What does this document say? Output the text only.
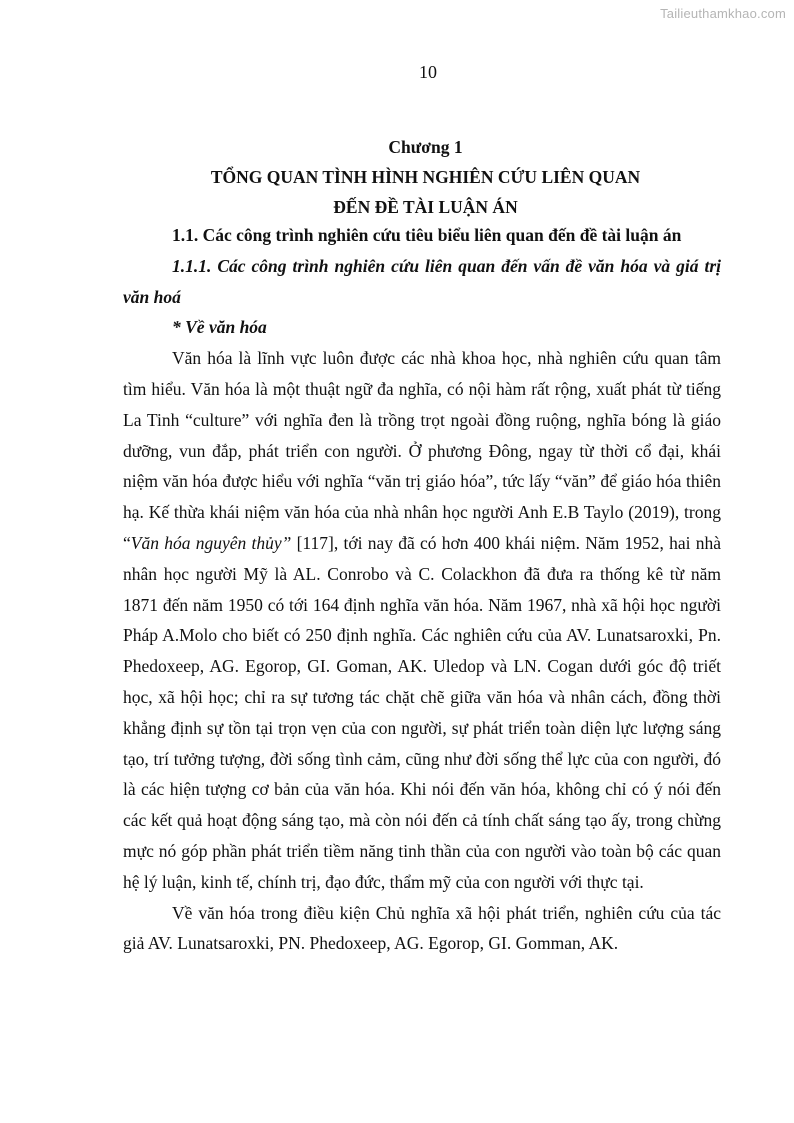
Tailieuthamkhao.com
10
Chương 1
TỔNG QUAN TÌNH HÌNH NGHIÊN CỨU LIÊN QUAN
ĐẾN ĐỀ TÀI LUẬN ÁN

1.1. Các công trình nghiên cứu tiêu biểu liên quan đến đề tài luận án

1.1.1. Các công trình nghiên cứu liên quan đến vấn đề văn hóa và giá trị văn hoá

* Về văn hóa

Văn hóa là lĩnh vực luôn được các nhà khoa học, nhà nghiên cứu quan tâm tìm hiểu. Văn hóa là một thuật ngữ đa nghĩa, có nội hàm rất rộng, xuất phát từ tiếng La Tinh “culture” với nghĩa đen là trồng trọt ngoài đồng ruộng, nghĩa bóng là giáo dưỡng, vun đắp, phát triển con người. Ở phương Đông, ngay từ thời cổ đại, khái niệm văn hóa được hiểu với nghĩa “văn trị giáo hóa”, tức lấy “văn” để giáo hóa thiên hạ. Kế thừa khái niệm văn hóa của nhà nhân học người Anh E.B Taylo (2019), trong “Văn hóa nguyên thủy” [117], tới nay đã có hơn 400 khái niệm. Năm 1952, hai nhà nhân học người Mỹ là AL. Conrobo và C. Colackhon đã đưa ra thống kê từ năm 1871 đến năm 1950 có tới 164 định nghĩa văn hóa. Năm 1967, nhà xã hội học người Pháp A.Molo cho biết có 250 định nghĩa. Các nghiên cứu của AV. Lunatsaroxki, Pn. Phedoxeep, AG. Egorop, GI. Goman, AK. Uledop và LN. Cogan dưới góc độ triết học, xã hội học; chỉ ra sự tương tác chặt chẽ giữa văn hóa và nhân cách, đồng thời khẳng định sự tồn tại trọn vẹn của con người, sự phát triển toàn diện lực lượng sáng tạo, trí tưởng tượng, đời sống tình cảm, cũng như đời sống thể lực của con người, đó là các hiện tượng cơ bản của văn hóa. Khi nói đến văn hóa, không chỉ có ý nói đến các kết quả hoạt động sáng tạo, mà còn nói đến cả tính chất sáng tạo ấy, trong chừng mực nó góp phần phát triển tiềm năng tinh thần của con người vào toàn bộ các quan hệ lý luận, kinh tế, chính trị, đạo đức, thẩm mỹ của con người với thực tại.

Về văn hóa trong điều kiện Chủ nghĩa xã hội phát triển, nghiên cứu của tác giả AV. Lunatsaroxki, PN. Phedoxeep, AG. Egorop, GI. Gomman, AK.
